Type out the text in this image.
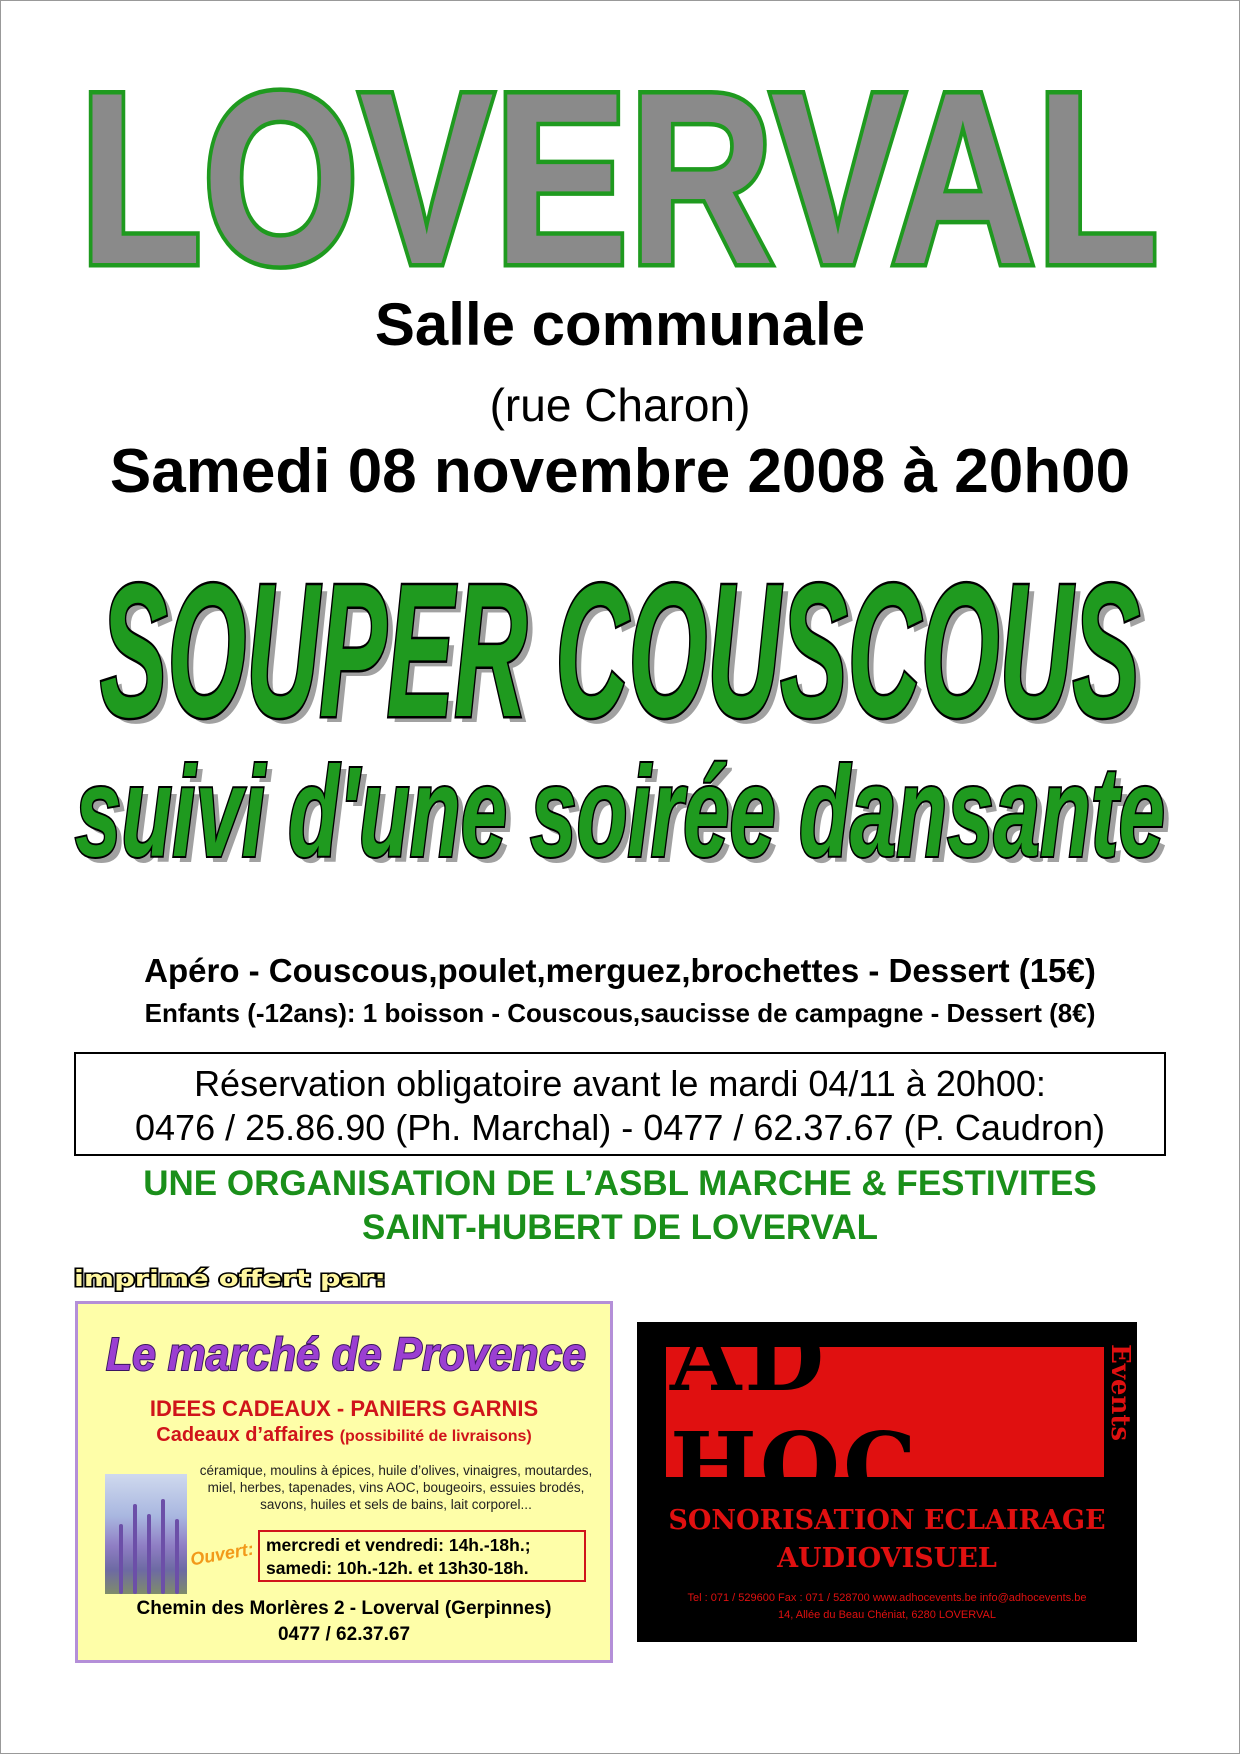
LOVERVAL
Salle communale
(rue Charon)
Samedi 08 novembre 2008 à 20h00
SOUPER COUSCOUS
SOUPER COUSCOUS
suivi d'une soirée dansante
suivi d'une soirée dansante
Apéro - Couscous,poulet,merguez,brochettes - Dessert (15€)
Enfants (-12ans): 1 boisson - Couscous,saucisse de campagne - Dessert (8€)
Réservation obligatoire avant le mardi 04/11 à 20h00:
0476 / 25.86.90 (Ph. Marchal) - 0477 / 62.37.67 (P. Caudron)
UNE ORGANISATION DE L’ASBL MARCHE & FESTIVITES
SAINT-HUBERT DE LOVERVAL
imprimé offert par:
Le marché de Provence
IDEES CADEAUX - PANIERS GARNIS
Cadeaux d’affaires (possibilité de livraisons)
céramique, moulins à épices, huile d’olives, vinaigres, moutardes, miel, herbes, tapenades, vins AOC, bougeoirs, essuies brodés, savons, huiles et sels de bains, lait corporel...
Ouvert: mercredi et vendredi: 14h.-18h.;
samedi: 10h.-12h. et 13h30-18h.
Chemin des Morlères 2 - Loverval (Gerpinnes)
0477 / 62.37.67
AD HOC
Events
SONORISATION ECLAIRAGE
AUDIOVISUEL
Tel : 071 / 529600 Fax : 071 / 528700 www.adhocevents.be info@adhocevents.be
14, Allée du Beau Chéniat, 6280 LOVERVAL
